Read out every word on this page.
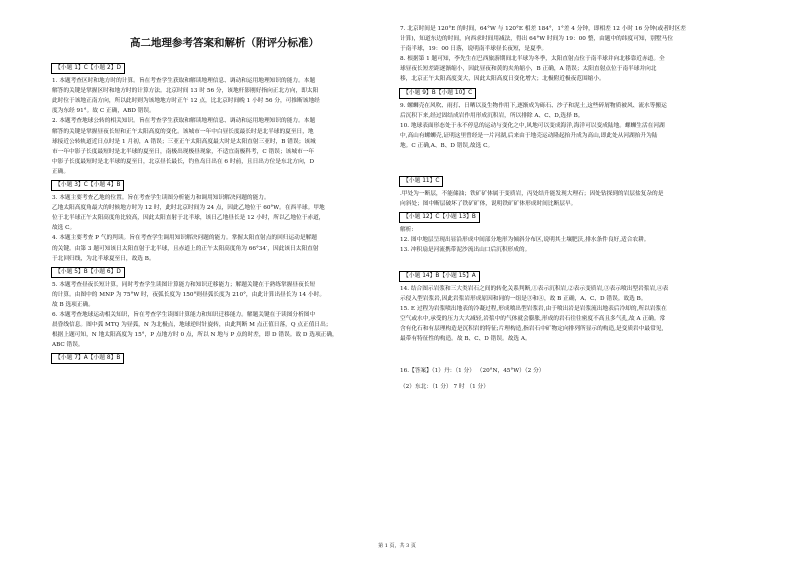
高二地理参考答案和解析（附评分标准）
【小题 1】C【小题 2】D

1. 本题考查区时和地方时的计算。旨在考查学生获取和解读地理信息、调动和运用地理知识的能力。本题

解答的关键是掌握区时和地方时的计算方法。北京时间 13 时 56 分，该地杆影刚好指向正北方向，即太阳

此时位于该地正南方向，所以此时则为该地地方时正午 12 点，比北京时间晚 1 小时 56 分，可推断该地经

度为东经 91°。故 C 正确，ABD 错误。

2. 本题考查地球公转的相关知识。旨在考查学生获取和解读地理信息、调动和运用地理知识的能力。本题

解答的关键是掌握昼夜长短和正午太阳高度的变化。该城市一年中白昼长度最长时是北半球的夏至日，地

球接近公转轨道近日点时是 1 月初，A 错误；三亚正午太阳高度最大时是太阳直射三亚时，B 错误；该城

市一年中影子长度最短时是北半球的夏至日，南极出现极昼现象，不适宜南极科考，C 错误；该城市一年

中影子长度最短时是北半球的夏至日，北京昼长最长，钓鱼岛日出在 6 时前，且日出方位是东北方向，D

正确。

【小题 3】C【小题 4】B

3. 本题主要考查乙地的位置。旨在考查学生读图分析能力和调用知识解决问题的能力。

乙地太阳高度角最大的时候地方时为 12 时，此时北京时间为 24 点，因此乙地位于 60°W。在西半球。甲地

位于北半球正午太阳高度角比较高，因此太阳直射于北半球，该日乙地昼长是 12 小时，所以乙地位于赤道，

故选 C。

4. 本题主要考查 P 气的判读。旨在考查学生调用知识解决问题的能力。掌握太阳直射点的回归运动是解题

的关键。由第 3 题可知该日太阳直射于北半球，且赤道上的正午太阳高度角为 66°34′，因此该日太阳直射

于北回归线，为北半球夏至日，故选 B。

【小题 5】B【小题 6】D

5. 本题考查昼夜长短计算，同时考查学生读图计算能力和知识迁移能力；解题关键在于熟练掌握昼夜长短

的计算。由图中的 MNP 为 75°W 时，夜弧长度为 150°则昼弧长度为 210°，由此计算出昼长为 14 小时。

故 B 选项正确。

6. 本题考查地球运动相关知识，旨在考查学生读图计算能力和知识迁移能力。解题关键在于读图分析图中

晨昏线信息。图中弧 MTQ 为昼弧，N 为北极点，地球逆时针旋转，由此判断 M 点正值日落，Q 点正值日出；

根据上题可知，N 地太阳高度为 15°，P 点地方时 0 点，所以 N 地与 P 点的时差，即 D 错误。故 D 选项正确，

ABC 错误。

【小题 7】A【小题 8】B

7. 北京时间是 120°E 的时间，64°W 与 120°E 相差 184°，1°差 4 分钟，即相差 12 小时 16 分钟(或者时区差

计算)，知道东边的时间，向西求时间用减法，得出 64°W 时间为 19：00 整，由题中的纬度可知，别墅马位

于南半球，19：00 日落，说明南半球昼长夜短，是夏季。

8. 根据第 1 题可知，李先生在巴西旅游期间北半球为冬季，太阳直射点位于南半球并向北移靠近赤道。全

球昼夜长短差距逐渐缩小，因此昼夜和黄的夹角缩小，B 正确，A 错误；太阳直射点位于南半球并向北

移，北京正午太阳高度变大，因此太阳高度日变化增大；北极附近极夜范围缩小。

【小题 9】B【小题 10】C

9. 螺蛳壳在风吹、雨打、日晒以及生物作用下,逐渐成为砾石、沙子和泥土,这些碎屑物质被风、流水等搬运

后沉积下来,经过固结成岩作用形成沉积岩，所以排除 A、C、D,选择 B。

10. 地球表面形态处于永不停息的运动与变化之中,风地可以变成海洋,海洋可以变成陆地。螺蛳生活在河湖

中,高山有螺蛳壳,证明这里曾经是一片河湖,后来由于地壳运动隆起抬升成为高山,即此处从河湖抬升为陆

地。C 正确,A、B、D 错误,故选 C。

【小题 11】C

.甲处为一断层，不能储油；铁矿矿体属于变质岩，丙处结升能发现大理石；因处钻探到的岩层盐复杂的是

向斜处；图中断层破坏了铁矿矿体，说明铁矿矿体形成时间比断层早。

【小题 12】C【小题 13】B

解析:

12. 图中地层呈现出显沿形成中间部分地形为倾斜分布区,说明其土壤肥沃,排水条件良好,适合农耕。

13. 冲积扇是河流携带泥沙流出山口后沉积形成的。

【小题 14】B【小题 15】A

14. 结合图示岩浆和三大类岩石之间的转化关系判断,①表示沉积岩,②表示变质岩,③表示喷出型岩浆岩,④表

示侵入型岩浆岩,因此岩浆岩形成原因和同的一组是③和④，故 B 正确，A、C、D 错误。故选 B。

15. E 过程为岩浆喷出地表的冷凝过程,形成喷出型岩浆岩,由于喷出岩是岩浆流出地表后冷却的,所以岩浆在

空气或水中,承受的压力大大减轻,岩浆中的气体就会膨胀,形成的岩石往往密度不高且多气孔,故 A 正确。常

含有化石和有层理构造是沉积岩的特征;片理构造,指岩石中矿物定向排列所显示的构造,是变质岩中最常见,

最带有特征性的构造。故 B、C、D 错误。故选 A。

16.【答案】（1）丹：（1 分） （20°N，45°W）（2 分）

（2）东北：（1 分） 7 时 （1 分）

第 1 页，共 3 页
